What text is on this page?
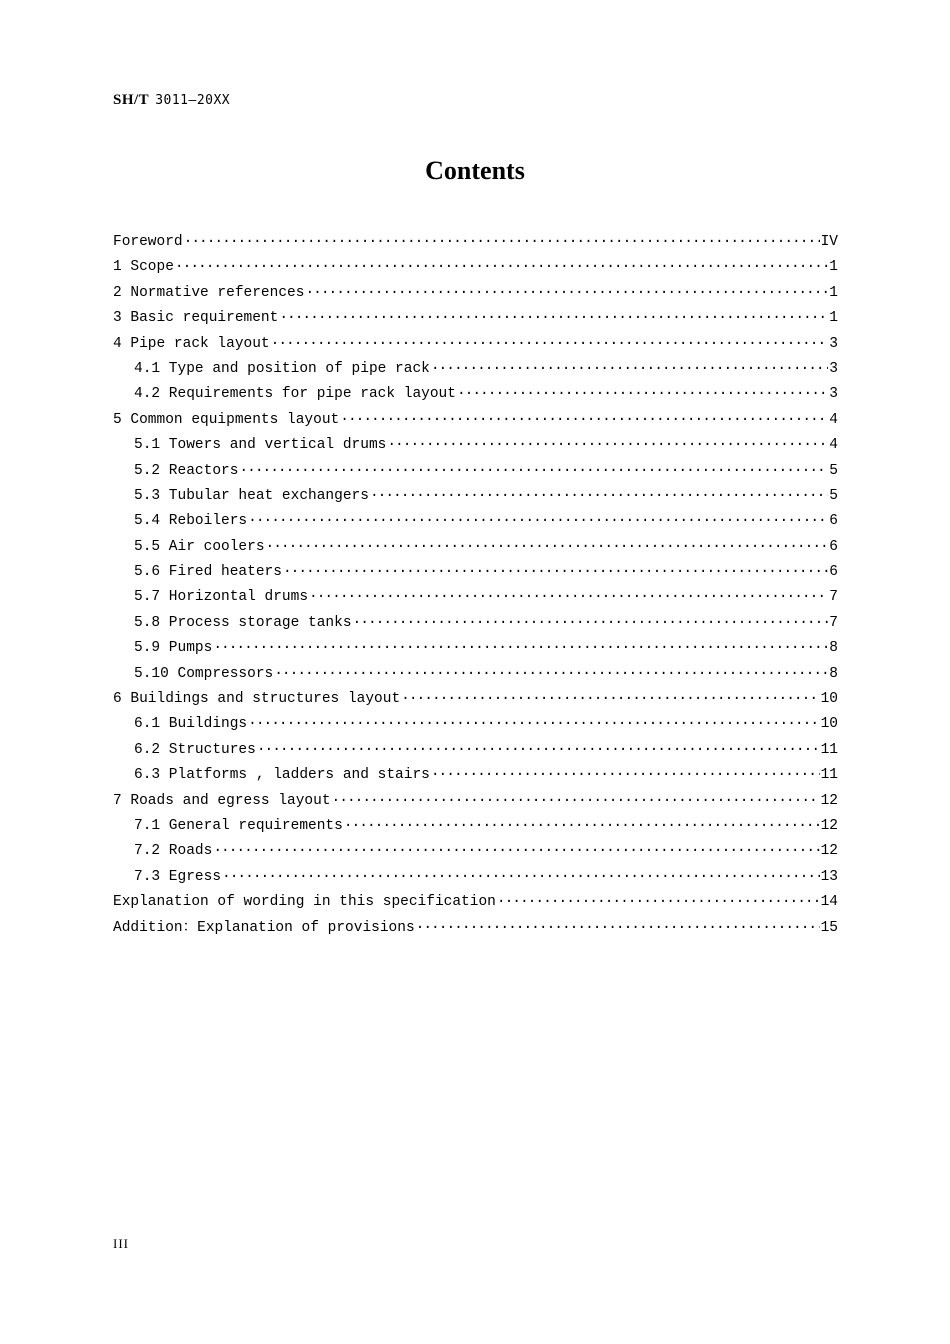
SH/T 3011—20XX
Contents
Foreword ·····	IV
1 Scope ·····	1
2 Normative references ·····	1
3 Basic requirement ·····	1
4 Pipe rack layout ·····	3
4.1 Type and position of pipe rack ·····	3
4.2 Requirements for pipe rack layout ·····	3
5 Common equipments layout ·····	4
5.1 Towers and vertical drums ·····	4
5.2 Reactors ·····	5
5.3 Tubular heat exchangers ·····	5
5.4 Reboilers ·····	6
5.5 Air coolers ·····	6
5.6 Fired heaters ·····	6
5.7 Horizontal drums ·····	7
5.8 Process storage tanks ·····	7
5.9 Pumps ·····	8
5.10 Compressors ·····	8
6 Buildings and structures layout ·····	10
6.1 Buildings ·····	10
6.2 Structures ·····	11
6.3 Platforms , ladders and stairs ·····	11
7 Roads and egress layout ·····	12
7.1 General requirements ·····	12
7.2 Roads ·····	12
7.3 Egress ·····	13
Explanation of wording in this specification ·····	14
Addition：Explanation of provisions ·····	15
III
